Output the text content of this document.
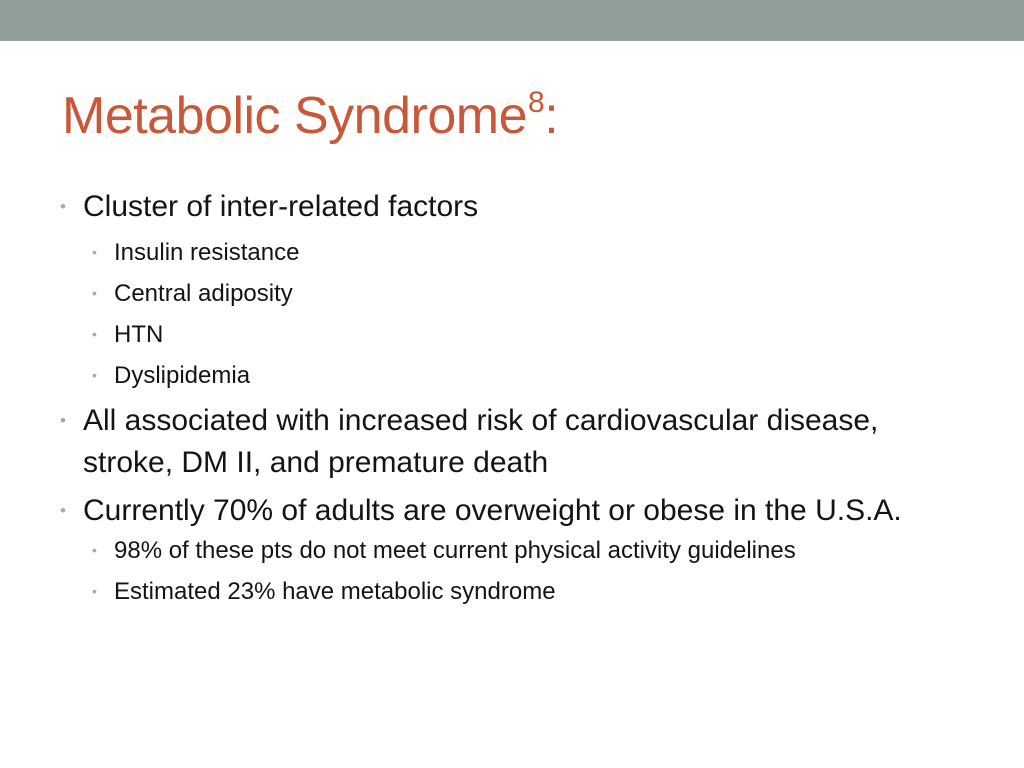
Metabolic Syndrome$^8$:
• Cluster of inter-related factors
• Insulin resistance
• Central adiposity
• HTN
• Dyslipidemia
• All associated with increased risk of cardiovascular disease, stroke, DM II, and premature death
• Currently 70% of adults are overweight or obese in the U.S.A.
• 98% of these pts do not meet current physical activity guidelines
• Estimated 23% have metabolic syndrome
